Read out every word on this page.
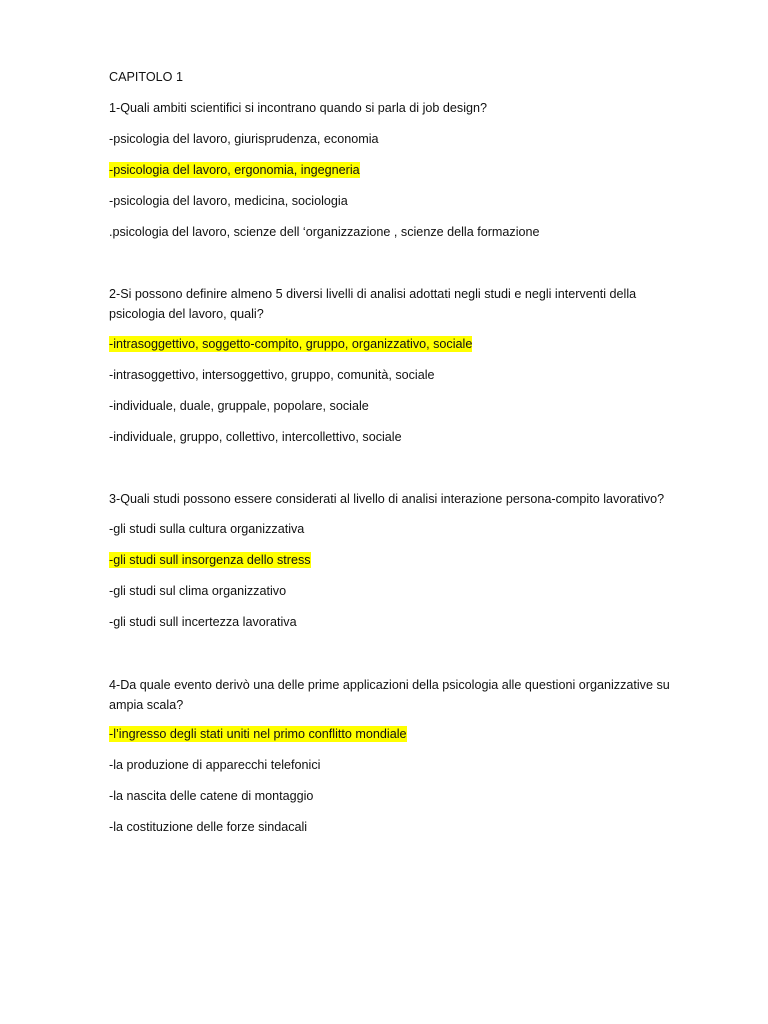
CAPITOLO 1
1-Quali ambiti scientifici si incontrano quando si parla di job design?
-psicologia del lavoro, giurisprudenza, economia
-psicologia del lavoro, ergonomia, ingegneria
-psicologia del lavoro, medicina, sociologia
.psicologia del lavoro, scienze dell ‘organizzazione , scienze della formazione
2-Si possono definire almeno 5 diversi livelli di analisi adottati negli studi e negli interventi della psicologia del lavoro, quali?
-intrasoggettivo, soggetto-compito, gruppo, organizzativo, sociale
-intrasoggettivo, intersoggettivo, gruppo, comunità, sociale
-individuale, duale, gruppale, popolare, sociale
-individuale, gruppo, collettivo, intercollettivo, sociale
3-Quali studi possono essere considerati al livello di analisi interazione persona-compito lavorativo?
-gli studi sulla cultura organizzativa
-gli studi sull insorgenza dello stress
-gli studi sul clima organizzativo
-gli studi sull incertezza lavorativa
4-Da quale evento derivò una delle prime applicazioni della psicologia alle questioni organizzative su ampia scala?
-l’ingresso degli stati uniti nel primo conflitto mondiale
-la produzione di apparecchi telefonici
-la nascita delle catene di montaggio
-la costituzione delle forze sindacali
